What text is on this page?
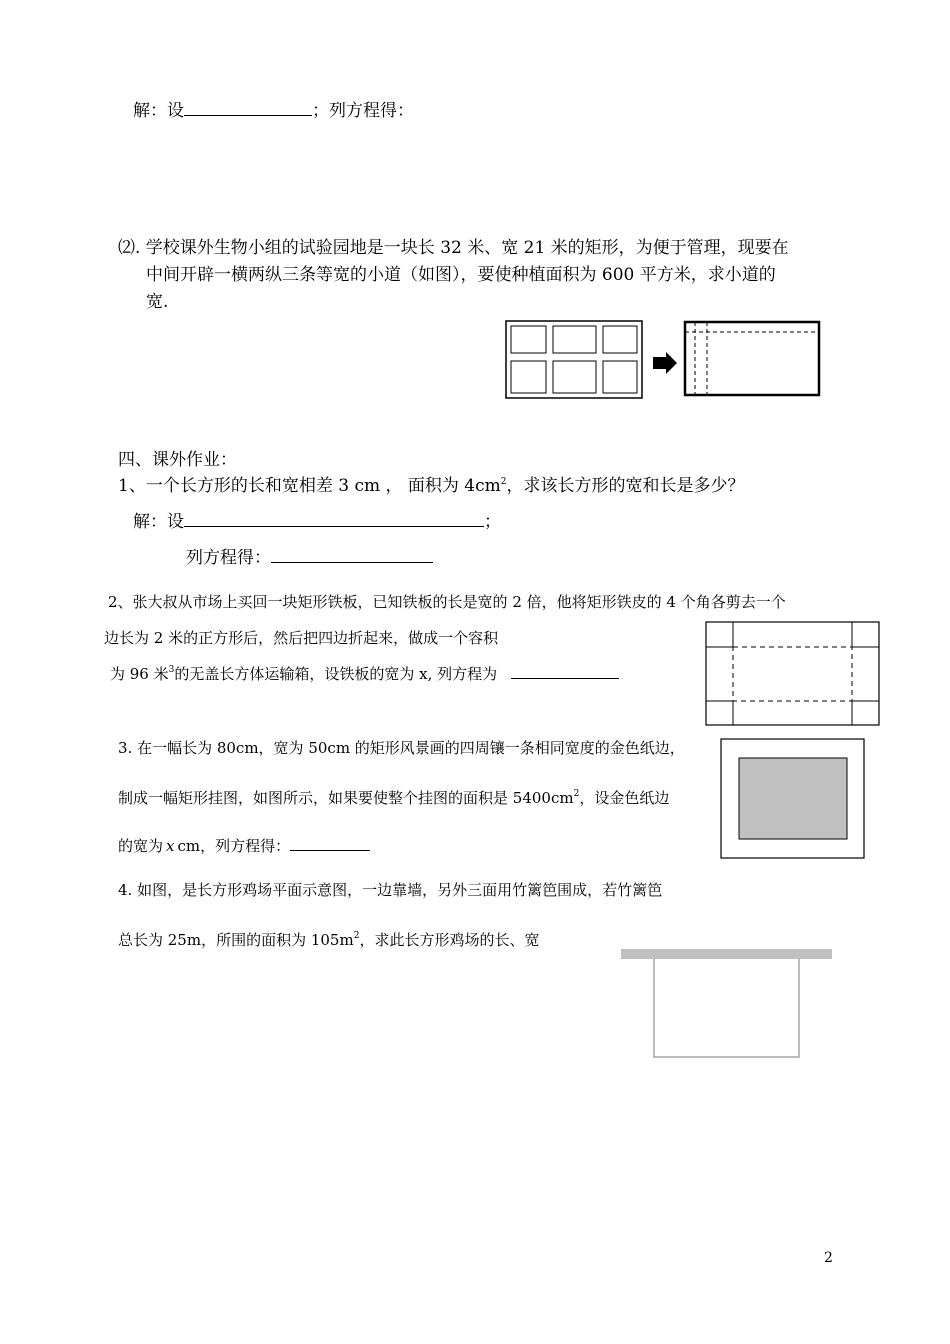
解：设	；列方程得：
⑵. 学校课外生物小组的试验园地是一块长 32 米、宽 21 米的矩形，为便于管理，现要在
中间开辟一横两纵三条等宽的小道（如图），要使种植面积为 600 平方米，求小道的
宽.
四、课外作业：
1、一个长方形的长和宽相差 3 cm ， 面积为 $4cm^2$，求该长方形的宽和长是多少？
解：设	；
列方程得：
2、张大叔从市场上买回一块矩形铁板，已知铁板的长是宽的 2 倍，他将矩形铁皮的 4 个角各剪去一个
边长为 2 米的正方形后，然后把四边折起来，做成一个容积
为 96 米$^3$的无盖长方体运输箱，设铁板的宽为 x, 列方程为
3. 在一幅长为 80cm，宽为 50cm 的矩形风景画的四周镶一条相同宽度的金色纸边，
制成一幅矩形挂图，如图所示，如果要使整个挂图的面积是 $5400cm^2$，设金色纸边
的宽为 x cm，列方程得：
4. 如图，是长方形鸡场平面示意图，一边靠墙，另外三面用竹篱笆围成，若竹篱笆
总长为 25m，所围的面积为 $105m^2$，求此长方形鸡场的长、宽
2
